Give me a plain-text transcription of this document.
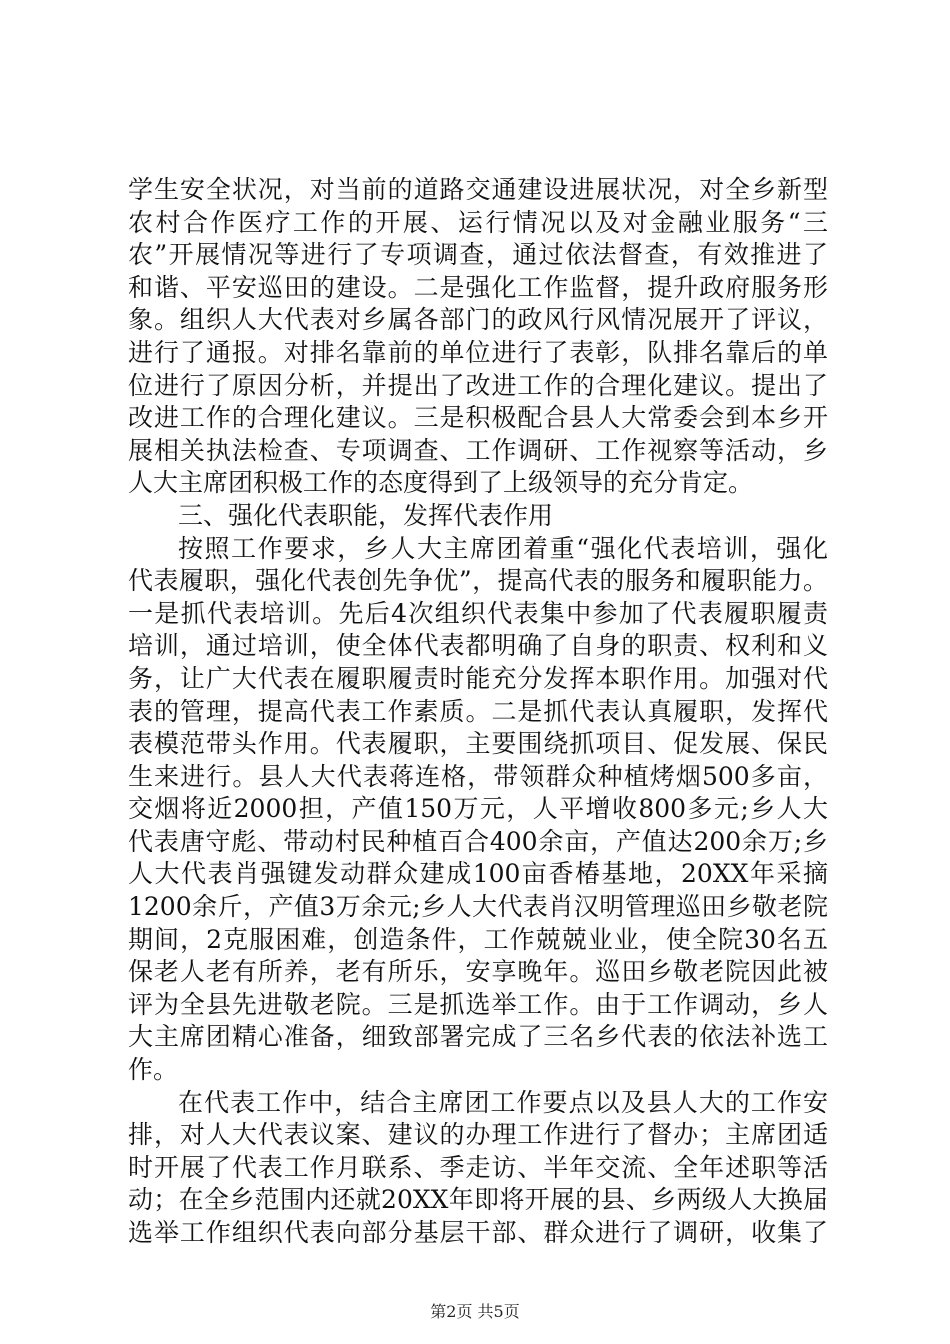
学生安全状况，对当前的道路交通建设进展状况，对全乡新型
农村合作医疗工作的开展、运行情况以及对金融业服务“三
农”开展情况等进行了专项调查，通过依法督查，有效推进了
和谐、平安巡田的建设。二是强化工作监督，提升政府服务形
象。组织人大代表对乡属各部门的政风行风情况展开了评议，
进行了通报。对排名靠前的单位进行了表彰，队排名靠后的单
位进行了原因分析，并提出了改进工作的合理化建议。提出了
改进工作的合理化建议。三是积极配合县人大常委会到本乡开
展相关执法检查、专项调查、工作调研、工作视察等活动，乡
人大主席团积极工作的态度得到了上级领导的充分肯定。
三、强化代表职能，发挥代表作用
按照工作要求，乡人大主席团着重“强化代表培训，强化
代表履职，强化代表创先争优”，提高代表的服务和履职能力。
一是抓代表培训。先后4次组织代表集中参加了代表履职履责
培训，通过培训，使全体代表都明确了自身的职责、权利和义
务，让广大代表在履职履责时能充分发挥本职作用。加强对代
表的管理，提高代表工作素质。二是抓代表认真履职，发挥代
表模范带头作用。代表履职，主要围绕抓项目、促发展、保民
生来进行。县人大代表蒋连格，带领群众种植烤烟500多亩，
交烟将近2000担，产值150万元，人平增收800多元;乡人大
代表唐守彪、带动村民种植百合400余亩，产值达200余万;乡
人大代表肖强键发动群众建成100亩香椿基地，20XX年采摘
1200余斤，产值3万余元;乡人大代表肖汉明管理巡田乡敬老院
期间，2克服困难，创造条件，工作兢兢业业，使全院30名五
保老人老有所养，老有所乐，安享晚年。巡田乡敬老院因此被
评为全县先进敬老院。三是抓选举工作。由于工作调动，乡人
大主席团精心准备，细致部署完成了三名乡代表的依法补选工
作。
在代表工作中，结合主席团工作要点以及县人大的工作安
排，对人大代表议案、建议的办理工作进行了督办；主席团适
时开展了代表工作月联系、季走访、半年交流、全年述职等活
动；在全乡范围内还就20XX年即将开展的县、乡两级人大换届
选举工作组织代表向部分基层干部、群众进行了调研，收集了
第2页 共5页
